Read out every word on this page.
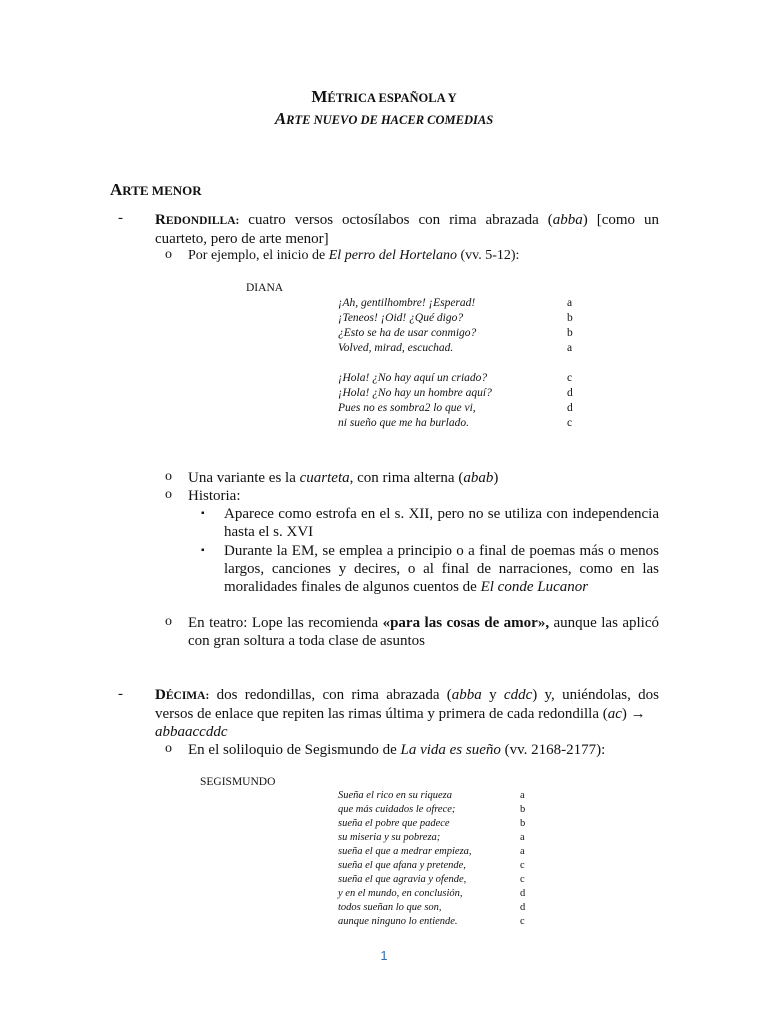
MÉTRICA ESPAÑOLA Y
ARTE NUEVO DE HACER COMEDIAS
ARTE MENOR
- REDONDILLA: cuatro versos octosílabos con rima abrazada (abba) [como un cuarteto, pero de arte menor]
o Por ejemplo, el inicio de El perro del Hortelano (vv. 5-12):
DIANA
¡Ah, gentilhombre! ¡Esperad!	a
¡Teneos! ¡Oid! ¿Qué digo?	b
¿Esto se ha de usar conmigo?	b
Volved, mirad, escuchad.	a
¡Hola! ¿No hay aquí un criado?	c
¡Hola! ¿No hay un hombre aquí?	d
Pues no es sombra2 lo que vi,	d
ni sueño que me ha burlado.	c
o Una variante es la cuarteta, con rima alterna (abab)
o Historia:
▪ Aparece como estrofa en el s. XII, pero no se utiliza con independencia hasta el s. XVI
▪ Durante la EM, se emplea a principio o a final de poemas más o menos largos, canciones y decires, o al final de narraciones, como en las moralidades finales de algunos cuentos de El conde Lucanor
o En teatro: Lope las recomienda «para las cosas de amor», aunque las aplicó con gran soltura a toda clase de asuntos
- DÉCIMA: dos redondillas, con rima abrazada (abba y cddc) y, uniéndolas, dos versos de enlace que repiten las rimas última y primera de cada redondilla (ac) →
abbaaccddc
o En el soliloquio de Segismundo de La vida es sueño (vv. 2168-2177):
SEGISMUNDO
Sueña el rico en su riqueza	a
que más cuidados le ofrece;	b
sueña el pobre que padece	b
su miseria y su pobreza;	a
sueña el que a medrar empieza,	a
sueña el que afana y pretende,	c
sueña el que agravia y ofende,	c
y en el mundo, en conclusión,	d
todos sueñan lo que son,	d
aunque ninguno lo entiende.	c
1
